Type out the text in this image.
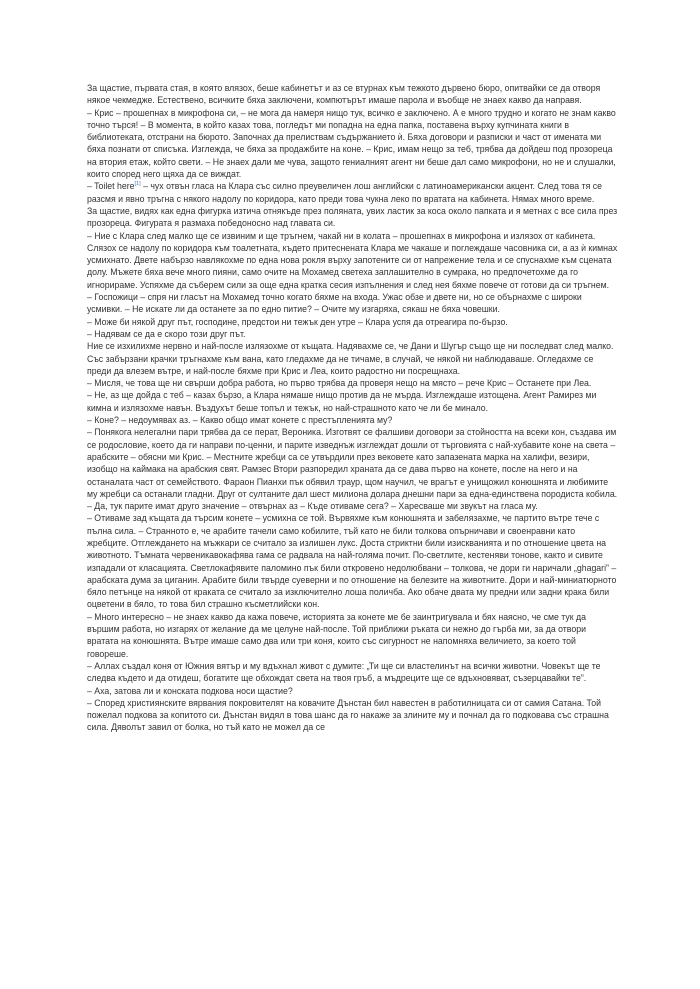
За щастие, първата стая, в която влязох, беше кабинетът и аз се втурнах към тежкото дървено бюро, опитвайки се да отворя някое чекмедже. Естествено, всичките бяха заключени, компютърът имаше парола и въобще не знаех какво да направя.

– Крис – прошепнах в микрофона си, – не мога да намеря нищо тук, всичко е заключено. А е много трудно и когато не знам какво точно търся! – В момента, в който казах това, погледът ми попадна на една папка, поставена върху купчината книги в библиотеката, отстрани на бюрото. Започнах да прелиствам съдържанието ѝ. Бяха договори и разписки и част от имената ми бяха познати от списъка. Изглежда, че бяха за продажбите на коне. – Крис, имам нещо за теб, трябва да дойдеш под прозореца на втория етаж, който свети. – Не знаех дали ме чува, защото гениалният агент ни беше дал само микрофони, но не и слушалки, които според него щяха да се виждат.

– Toilet here[1] – чух отвън гласа на Клара със силно преувеличен лош английски с латиноамерикански акцент. След това тя се разсмя и явно тръгна с някого надолу по коридора, като преди това чукна леко по вратата на кабинета. Нямах много време.

За щастие, видях как една фигурка изтича отнякъде през поляната, увих ластик за коса около папката и я метнах с все сила през прозореца. Фигурата я размаха победоносно над главата си.

– Ние с Клара след малко ще се извиним и ще тръгнем, чакай ни в колата – прошепнах в микрофона и излязох от кабинета. Слязох се надолу по коридора към тоалетната, където притеснената Клара ме чакаше и поглеждаше часовника си, а аз ѝ кимнах усмихнато. Двете набързо навлякохме по една нова рокля върху запотените си от напрежение тела и се спуснахме към сцената долу. Мъжете бяха вече много пияни, само очите на Мохамед светеха заплашително в сумрака, но предпочетохме да го игнорираме. Успяхме да съберем сили за още една кратка сесия изпълнения и след нея бяхме повече от готови да си тръгнем.

– Госпожици – спря ни гласът на Мохамед точно когато бяхме на входа. Ужас обзе и двете ни, но се обърнахме с широки усмивки. – Не искате ли да останете за по едно питие? – Очите му изгаряха, сякаш не бяха човешки.

– Може би някой друг път, господине, предстои ни тежък ден утре – Клара успя да отреагира по-бързо.

– Надявам се да е скоро този друг път.

Ние се изхилихме нервно и най-после излязохме от къщата. Надявахме се, че Дани и Шугър също ще ни последват след малко. Със забързани крачки тръгнахме към вана, като гледахме да не тичаме, в случай, че някой ни наблюдаваше. Огледахме се преди да влезем вътре, и най-после бяхме при Крис и Леа, които радостно ни посрещнаха.

– Мисля, че това ще ни свърши добра работа, но първо трябва да проверя нещо на място – рече Крис – Останете при Леа.

– Не, аз ще дойда с теб – казах бързо, а Клара нямаше нищо против да не мърда. Изглеждаше изтощена. Агент Рамирез ми кимна и излязохме навън. Въздухът беше топъл и тежък, но най-страшното като че ли бе минало.

– Коне? – недоумявах аз. – Какво общо имат конете с престъпленията му?

– Понякога нелегални пари трябва да се перат, Вероника. Изготвят се фалшиви договори за стойността на всеки кон, създава им се родословие, което да ги направи по-ценни, и парите изведнъж изглеждат дошли от търговията с най-хубавите коне на света – арабските – обясни ми Крис. – Местните жребци са се утвърдили през вековете като запазената марка на халифи, везири, изобщо на каймака на арабския свят. Рамзес Втори разпоредил храната да се дава първо на конете, после на него и на останалата част от семейството. Фараон Пианхи пък обявил траур, щом научил, че врагът е унищожил конюшнята и любимите му жребци са останали гладни. Друг от султаните дал шест милиона долара днешни пари за една-единствена породиста кобила.

– Да, тук парите имат друго значение – отвърнах аз – Къде отиваме сега? – Харесваше ми звукът на гласа му.

– Отиваме зад къщата да търсим конете – усмихна се той. Вървяхме към конюшнята и забелязахме, че партито вътре тече с пълна сила. – Странното е, че арабите тачели само кобилите, тъй като не били толкова опърничави и своенравни като жребците. Отглеждането на мъжкари се считало за излишен лукс. Доста стриктни били изискванията и по отношение цвета на животното. Тъмната червеникавокафява гама се радвала на най-голяма почит. По-светлите, кестеняви тонове, както и сивите изпадали от класацията. Светлокафявите паломино пък били откровено недолюбвани – толкова, че дори ги наричали „ghagari” – арабската дума за циганин. Арабите били твърде суеверни и по отношение на белезите на животните. Дори и най-миниатюрното бяло петънце на някой от краката се считало за изключително лоша поличба. Ако обаче двата му предни или задни крака били оцветени в бяло, то това бил страшно късметлийски кон.

– Много интересно – не знаех какво да кажа повече, историята за конете ме бе заинтригувала и бях наясно, че сме тук да вършим работа, но изгарях от желание да ме целуне най-после. Той приближи ръката си нежно до гърба ми, за да отвори вратата на конюшнята. Вътре имаше само два или три коня, които със сигурност не напомняха величието, за което той говореше.

– Аллах създал коня от Южния вятър и му вдъхнал живот с думите: „Ти ще си властелинът на всички животни. Човекът ще те следва където и да отидеш, богатите ще обхождат света на твоя гръб, а мъдреците ще се вдъхновяват, съзерцавайки те”.

– Аха, затова ли и конската подкова носи щастие?

– Според християнските вярвания покровителят на ковачите Дънстан бил навестен в работилницата си от самия Сатана. Той пожелал подкова за копитото си. Дънстан видял в това шанс да го накаже за злините му и почнал да го подковава със страшна сила. Дяволът завил от болка, но тъй като не можел да се
